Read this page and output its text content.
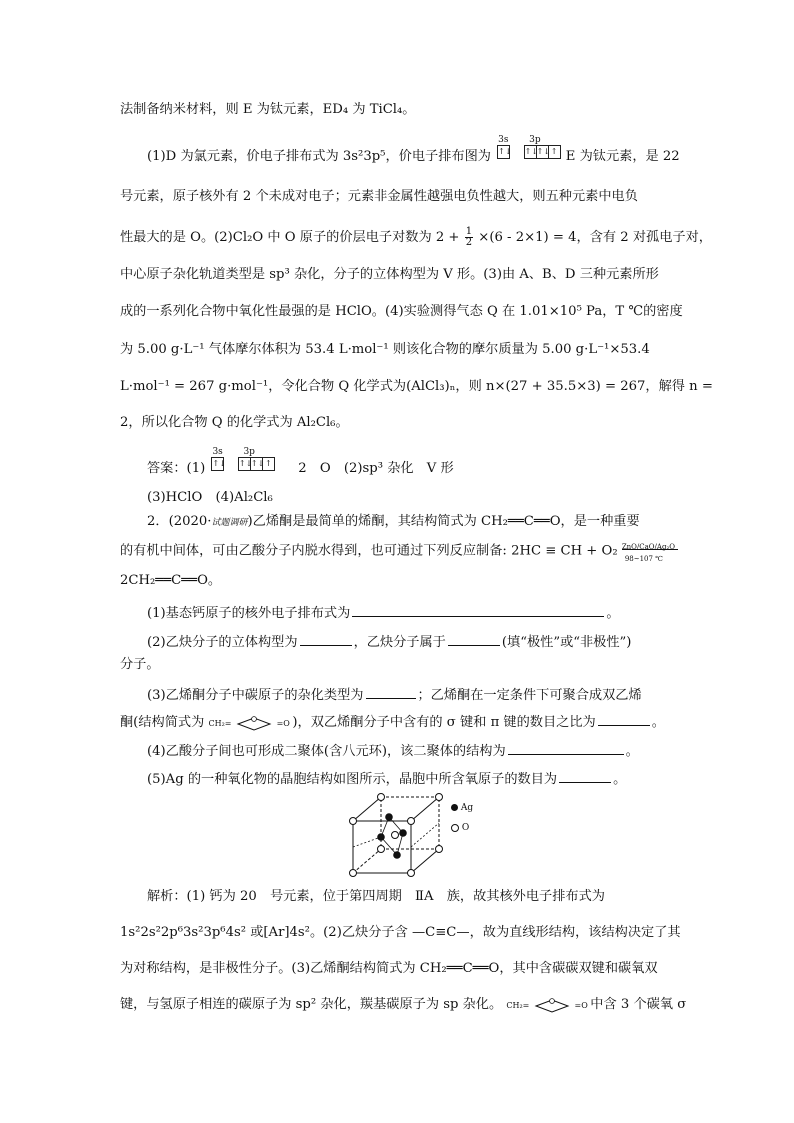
法制备纳米材料，则 E 为钛元素，ED₄ 为 TiCl₄。
(1)D 为氯元素，价电子排布式为 3s²3p⁵，价电子排布图为
3s 3p
↑↓ ↑↓↑↓↑ E 为钛元素，是 22
号元素，原子核外有 2 个未成对电子；元素非金属性越强电负性越大，则五种元素中电负
性最大的是 O。(2)Cl₂O 中 O 原子的价层电子对数为 $2 + \frac{1}{2} \times(6 - 2\times 1) = 4$，含有 2 对孤电子对，
中心原子杂化轨道类型是 sp³ 杂化，分子的立体构型为 V 形。(3)由 A、B、D 三种元素所形
成的一系列化合物中氧化性最强的是 HClO。(4)实验测得气态 Q 在 1.01×10⁵ Pa，T ℃的密度
为 5.00 g·L⁻¹ 气体摩尔体积为 53.4 L·mol⁻¹ 则该化合物的摩尔质量为 5.00 g·L⁻¹×53.4
L·mol⁻¹ = 267 g·mol⁻¹，令化合物 Q 化学式为(AlCl₃)ₙ，则 n×(27 + 35.5×3) = 267，解得 n =
2，所以化合物 Q 的化学式为 Al₂Cl₆。
答案：(1)
3s 3p
↑↓ ↑↓↑↓↑ 2　O　(2)sp³ 杂化　V 形
(3)HClO　(4)Al₂Cl₆
2．(2020·试题调研)乙烯酮是最简单的烯酮，其结构简式为 CH₂══C══O，是一种重要
的有机中间体，可由乙酸分子内脱水得到，也可通过下列反应制备: 2HC ≡ CH + O₂ ZnO/CaO/Ag₂O
98~107 ℃
2CH₂══C══O。
(1)基态钙原子的核外电子排布式为	。
(2)乙炔分子的立体构型为	，乙炔分子属于	(填“极性”或“非极性”)
分子。
(3)乙烯酮分子中碳原子的杂化类型为	；乙烯酮在一定条件下可聚合成双乙烯
酮(结构简式为 CH₂=	=O )，双乙烯酮分子中含有的 σ 键和 π 键的数目之比为	。
(4)乙酸分子间也可形成二聚体(含八元环)，该二聚体的结构为	。
(5)Ag 的一种氧化物的晶胞结构如图所示，晶胞中所含氧原子的数目为	。
Ag
O
解析：(1) 钙为 20　号元素，位于第四周期　ⅡA　族，故其核外电子排布式为
1s²2s²2p⁶3s²3p⁶4s² 或[Ar]4s²。(2)乙炔分子含 —C≡C—，故为直线形结构，该结构决定了其
为对称结构，是非极性分子。(3)乙烯酮结构简式为 CH₂══C══O，其中含碳碳双键和碳氧双
键，与氢原子相连的碳原子为 sp² 杂化，羰基碳原子为 sp 杂化。 CH₂=	=O 中含 3 个碳氧 σ
